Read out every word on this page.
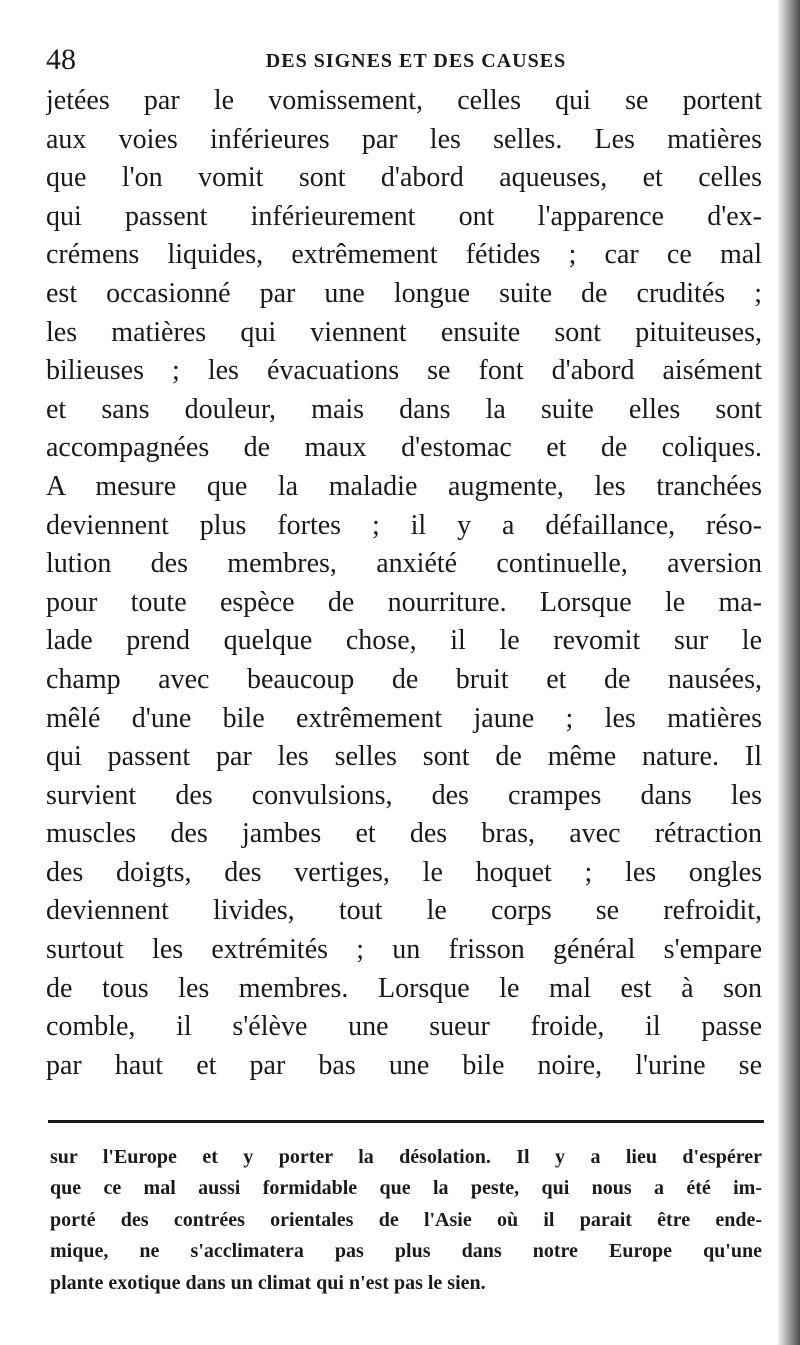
48	DES SIGNES ET DES CAUSES
jetées par le vomissement, celles qui se portent
aux voies inférieures par les selles. Les matières
que l'on vomit sont d'abord aqueuses, et celles
qui passent inférieurement ont l'apparence d'ex-
crémens liquides, extrêmement fétides ; car ce mal
est occasionné par une longue suite de crudités ;
les matières qui viennent ensuite sont pituiteuses,
bilieuses ; les évacuations se font d'abord aisément
et sans douleur, mais dans la suite elles sont
accompagnées de maux d'estomac et de coliques.
A mesure que la maladie augmente, les tranchées
deviennent plus fortes ; il y a défaillance, réso-
lution des membres, anxiété continuelle, aversion
pour toute espèce de nourriture. Lorsque le ma-
lade prend quelque chose, il le revomit sur le
champ avec beaucoup de bruit et de nausées,
mêlé d'une bile extrêmement jaune ; les matières
qui passent par les selles sont de même nature. Il
survient des convulsions, des crampes dans les
muscles des jambes et des bras, avec rétraction
des doigts, des vertiges, le hoquet ; les ongles
deviennent livides, tout le corps se refroidit,
surtout les extrémités ; un frisson général s'empare
de tous les membres. Lorsque le mal est à son
comble, il s'élève une sueur froide, il passe
par haut et par bas une bile noire, l'urine se
sur l'Europe et y porter la désolation. Il y a lieu d'espérer
que ce mal aussi formidable que la peste, qui nous a été im-
porté des contrées orientales de l'Asie où il parait être ende-
mique, ne s'acclimatera pas plus dans notre Europe qu'une
plante exotique dans un climat qui n'est pas le sien.
